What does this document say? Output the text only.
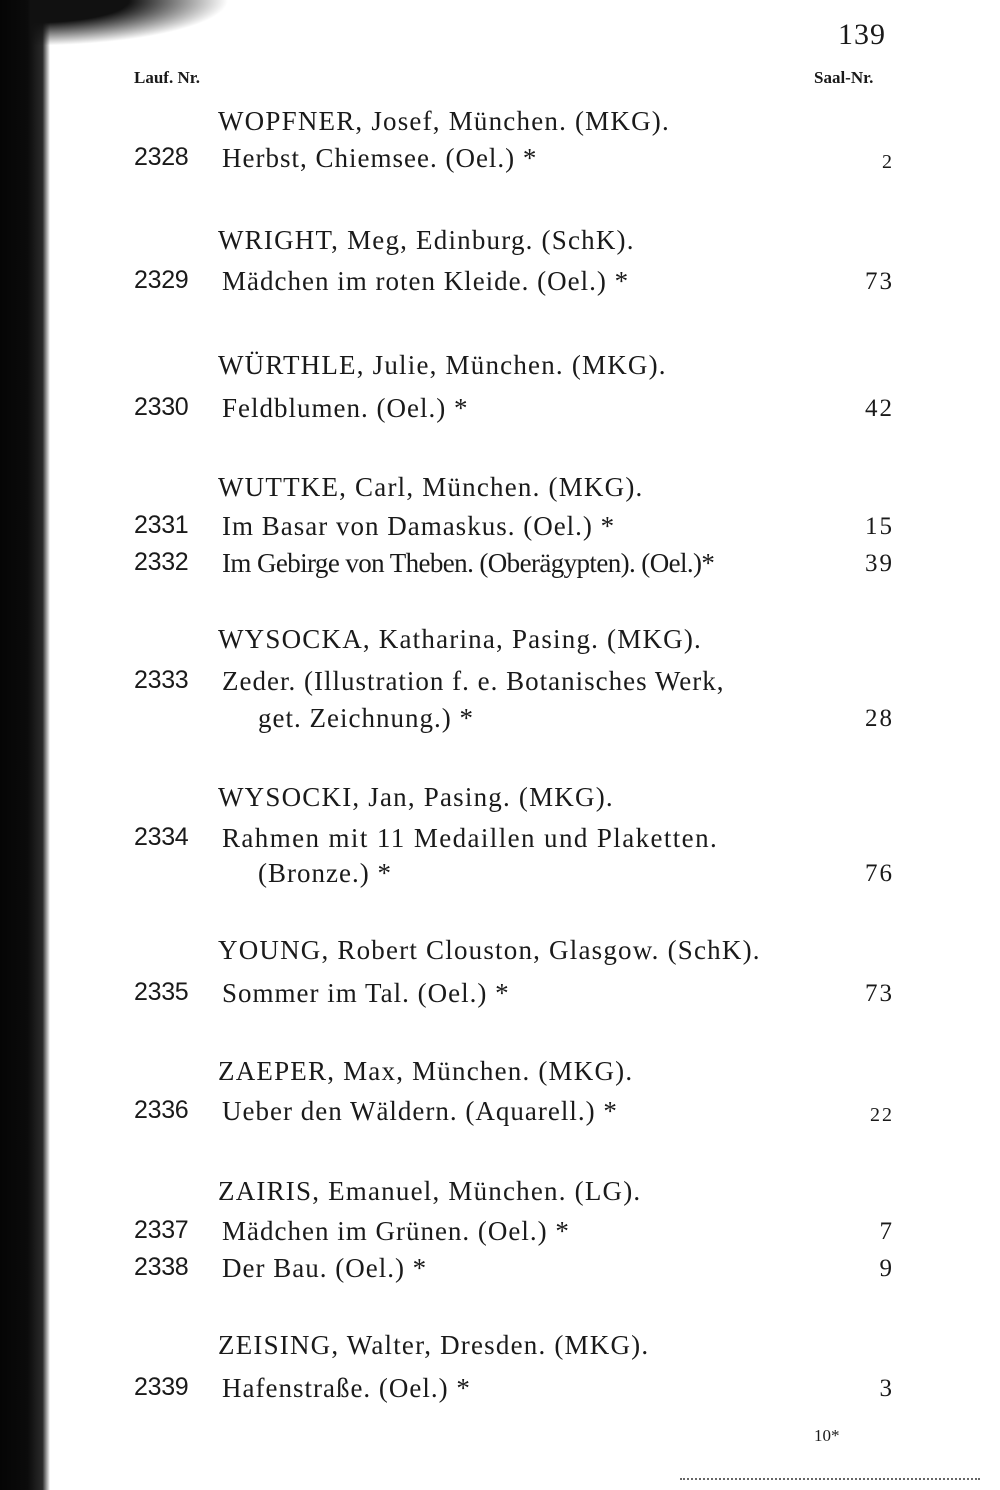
139
Lauf. Nr.	Saal-Nr.
WOPFNER, Josef, München. (MKG).
2328 Herbst, Chiemsee. (Oel.) *	2
WRIGHT, Meg, Edinburg. (SchK).
2329 Mädchen im roten Kleide. (Oel.) *	73
WÜRTHLE, Julie, München. (MKG).
2330 Feldblumen. (Oel.) *	42
WUTTKE, Carl, München. (MKG).
2331 Im Basar von Damaskus. (Oel.) *	15
2332 Im Gebirge von Theben. (Oberägypten). (Oel.)*	39
WYSOCKA, Katharina, Pasing. (MKG).
2333 Zeder. (Illustration f. e. Botanisches Werk,
get. Zeichnung.) *	28
WYSOCKI, Jan, Pasing. (MKG).
2334 Rahmen mit 11 Medaillen und Plaketten.
(Bronze.) *	76
YOUNG, Robert Clouston, Glasgow. (SchK).
2335 Sommer im Tal. (Oel.) *	73
ZAEPER, Max, München. (MKG).
2336 Ueber den Wäldern. (Aquarell.) *	22
ZAIRIS, Emanuel, München. (LG).
2337 Mädchen im Grünen. (Oel.) *	7
2338 Der Bau. (Oel.) *	9
ZEISING, Walter, Dresden. (MKG).
2339 Hafenstraße. (Oel.) *	3
10*
